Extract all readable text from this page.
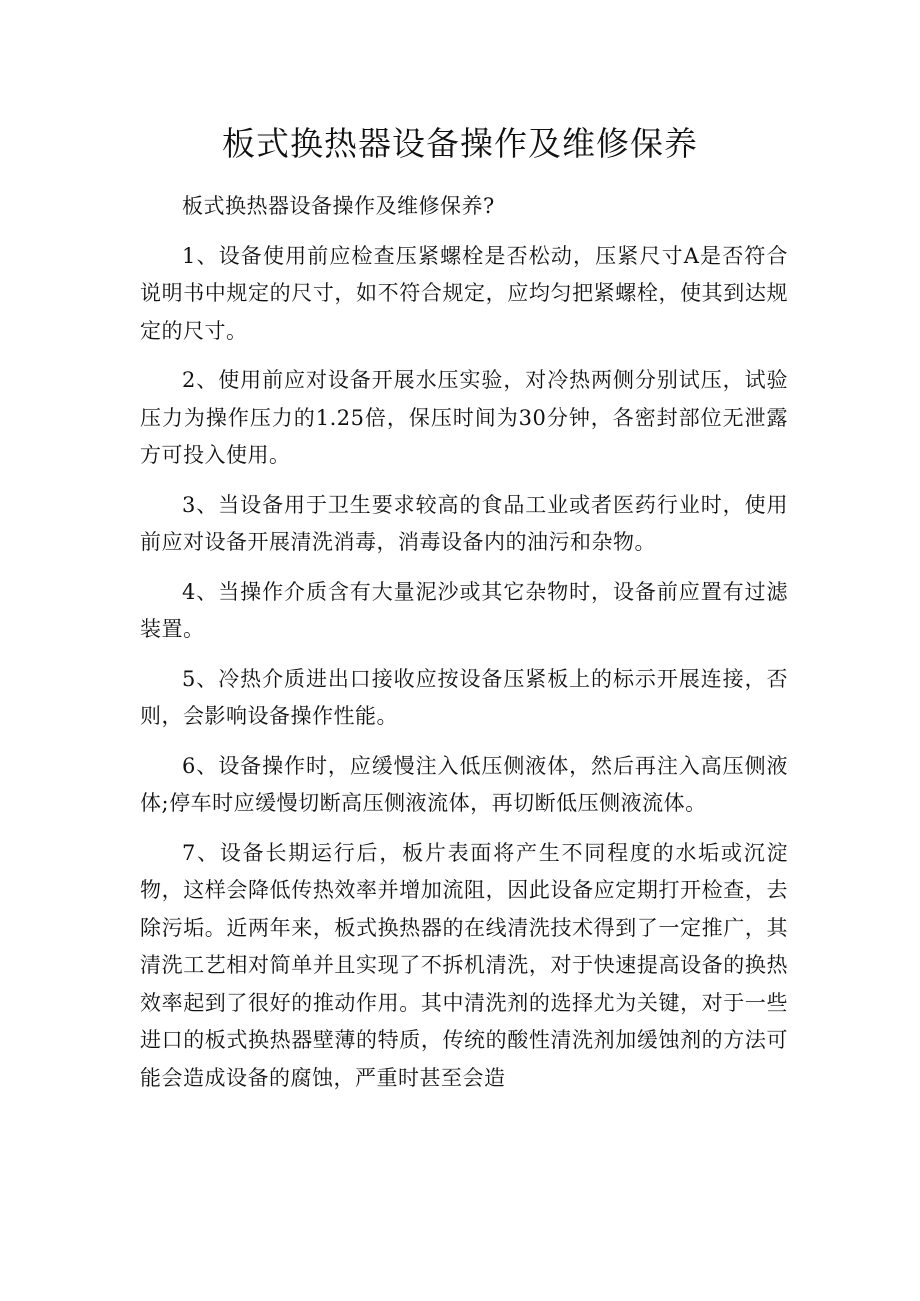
板式换热器设备操作及维修保养

板式换热器设备操作及维修保养?

1、设备使用前应检查压紧螺栓是否松动，压紧尺寸A是否符合说明书中规定的尺寸，如不符合规定，应均匀把紧螺栓，使其到达规定的尺寸。

2、使用前应对设备开展水压实验，对冷热两侧分别试压，试验压力为操作压力的1.25倍，保压时间为30分钟，各密封部位无泄露方可投入使用。

3、当设备用于卫生要求较高的食品工业或者医药行业时，使用前应对设备开展清洗消毒，消毒设备内的油污和杂物。

4、当操作介质含有大量泥沙或其它杂物时，设备前应置有过滤装置。

5、冷热介质进出口接收应按设备压紧板上的标示开展连接，否则，会影响设备操作性能。

6、设备操作时，应缓慢注入低压侧液体，然后再注入高压侧液体;停车时应缓慢切断高压侧液流体，再切断低压侧液流体。

7、设备长期运行后，板片表面将产生不同程度的水垢或沉淀物，这样会降低传热效率并增加流阻，因此设备应定期打开检查，去除污垢。近两年来，板式换热器的在线清洗技术得到了一定推广，其清洗工艺相对简单并且实现了不拆机清洗，对于快速提高设备的换热效率起到了很好的推动作用。其中清洗剂的选择尤为关键，对于一些进口的板式换热器壁薄的特质，传统的酸性清洗剂加缓蚀剂的方法可能会造成设备的腐蚀，严重时甚至会造
